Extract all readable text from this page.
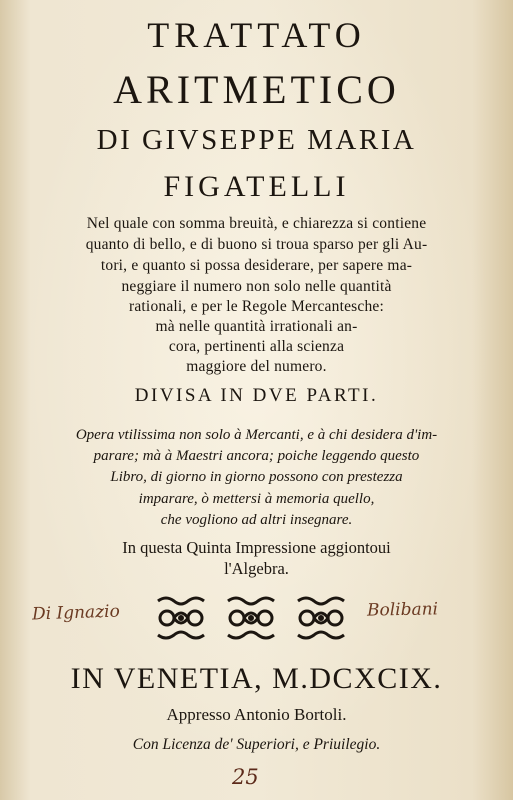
TRATTATO
ARITMETICO
DI GIVSEPPE MARIA
FIGATELLI
Nel quale con somma breuità, e chiarezza si contiene
quanto di bello, e di buono si troua sparso per gli Au-
tori, e quanto si possa desiderare, per sapere ma-
neggiare il numero non solo nelle quantità
rationali, e per le Regole Mercantesche:
mà nelle quantità irrationali an-
cora, pertinenti alla scienza
maggiore del numero.
DIVISA IN DVE PARTI.
Opera vtilissima non solo à Mercanti, e à chi desidera d'im-
parare; mà à Maestri ancora; poiche leggendo questo
Libro, di giorno in giorno possono con prestezza
imparare, ò mettersi à memoria quello,
che vogliono ad altri insegnare.
In questa Quinta Impressione aggiontoui
l'Algebra.
Di Ignazio	Bolibani
IN VENETIA, M.DCXCIX.
Appresso Antonio Bortoli.
Con Licenza de' Superiori, e Priuilegio.
25
